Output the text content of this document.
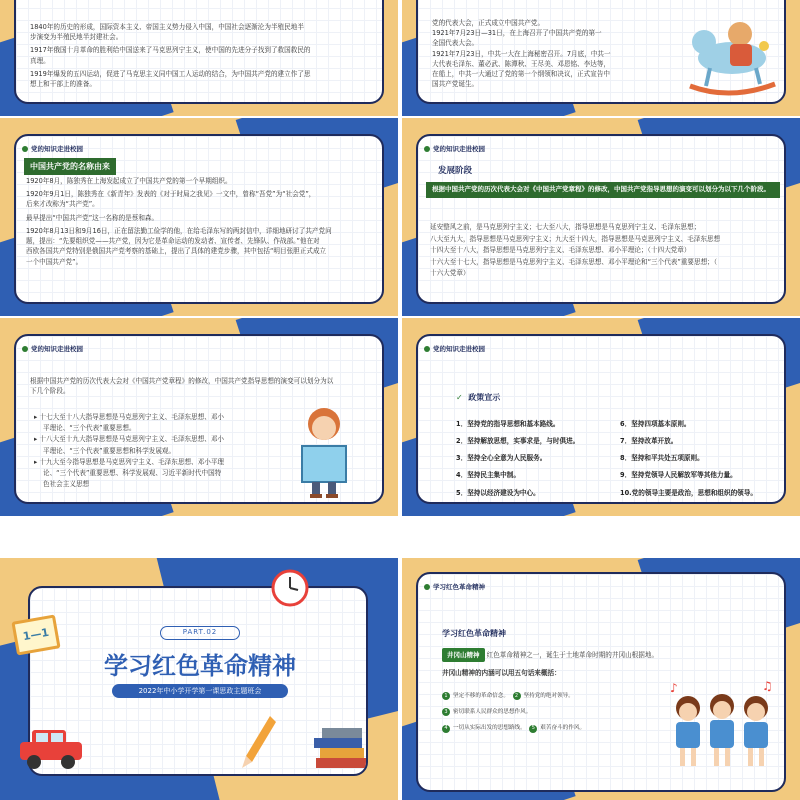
1840年的历史的形成，国际资本主义、帝国主义势力侵入中国，中国社会逐渐沦为半殖民地半
步演变为半殖民地半封建社会。
1917年俄国十月革命的胜利给中国送来了马克思列宁主义，使中国的先进分子找到了救国救民的
真理。
1919年爆发的五四运动，促进了马克思主义同中国工人运动的结合，为中国共产党的建立作了思
想上和干部上的准备。
党的代表大会，正式成立中国共产党。
1921年7月23日—31日，在上海召开了中国共产党的第一
全国代表大会。
1921年7月23日，中共一大在上海秘密召开。7月底，中共一
大代表毛泽东、董必武、陈潭秋、王尽美、邓恩铭、李达等，
在船上，中共一大通过了党的第一个纲领和决议，正式宣告中
国共产党诞生。
党的知识走进校园
中国共产党的名称由来
1920年8月，陈独秀在上海发起成立了中国共产党的第一个早期组织。
1920年9月1日，陈独秀在《新青年》发表的《对于时局之我见》一文中，曾称“吾党”为“社会党”，
后来才改称为“共产党”。
最早提出“中国共产党”这一名称的是蔡和森。
1920年8月13日和9月16日，正在留法勤工俭学的他，在给毛泽东写的两封信中，详细地研讨了共产党问
题，提出：“先要组织党——共产党，因为它是革命运动的发动者、宣传者、先锋队、作战部。”他在对
西欧各国共产党特别是俄国共产党考察的基础上，提出了具体的建党步骤，其中包括“明目张胆正式成立
一个中国共产党”。
党的知识走进校园
发展阶段
根据中国共产党的历次代表大会对《中国共产党章程》的修改，中国共产党指导思想的演变可以划分为以下几个阶段。
延安整风之前，是马克思列宁主义；七大至八大，指导思想是马克思列宁主义、毛泽东思想；
八大至九大，指导思想是马克思列宁主义；九大至十四大，指导思想是马克思列宁主义、毛泽东思想
十四大至十八大，指导思想是马克思列宁主义、毛泽东思想、邓小平理论；（十四大党章）
十六大至十七大，指导思想是马克思列宁主义、毛泽东思想、邓小平理论和“三个代表”重要思想；（
十六大党章）
党的知识走进校园
根据中国共产党的历次代表大会对《中国共产党章程》的修改，中国共产党指导思想的演变可以划分为以
下几个阶段。
▸ 十七大至十八大指导思想是马克思列宁主义、毛泽东思想、邓小
平理论、“三个代表”重要思想。
▸ 十八大至十九大指导思想是马克思列宁主义、毛泽东思想、邓小
平理论、“三个代表”重要思想和科学发展观。
▸ 十九大至今指导思想是马克思列宁主义、毛泽东思想、邓小平理
论、“三个代表”重要思想、科学发展观、习近平新时代中国特
色社会主义思想
党的知识走进校园
✓ 政策宣示
1．坚持党的指导思想和基本路线。
2．坚持解放思想，实事求是，与时俱进。
3．坚持全心全意为人民服务。
4．坚持民主集中制。
5．坚持以经济建设为中心。
6．坚持四项基本原则。
7．坚持改革开放。
8．坚持和平共处五项原则。
9．坚持党领导人民解放军等其他力量。
10.党的领导主要是政治，思想和组织的领导。
PART.02
学习红色革命精神
2022年中小学开学第一课思政主题班会
1—1
学习红色革命精神
学习红色革命精神
井冈山精神 红色革命精神之一，诞生于土地革命时期的井冈山根据地。
井冈山精神的内涵可以用五句话来概括：
1 坚定不移的革命信念。 2 坚持党的绝对领导。
3 密切联系人民群众的思想作风。
4 一切从实际出发的思想路线。 5 艰苦奋斗的作风。
♪	♫
